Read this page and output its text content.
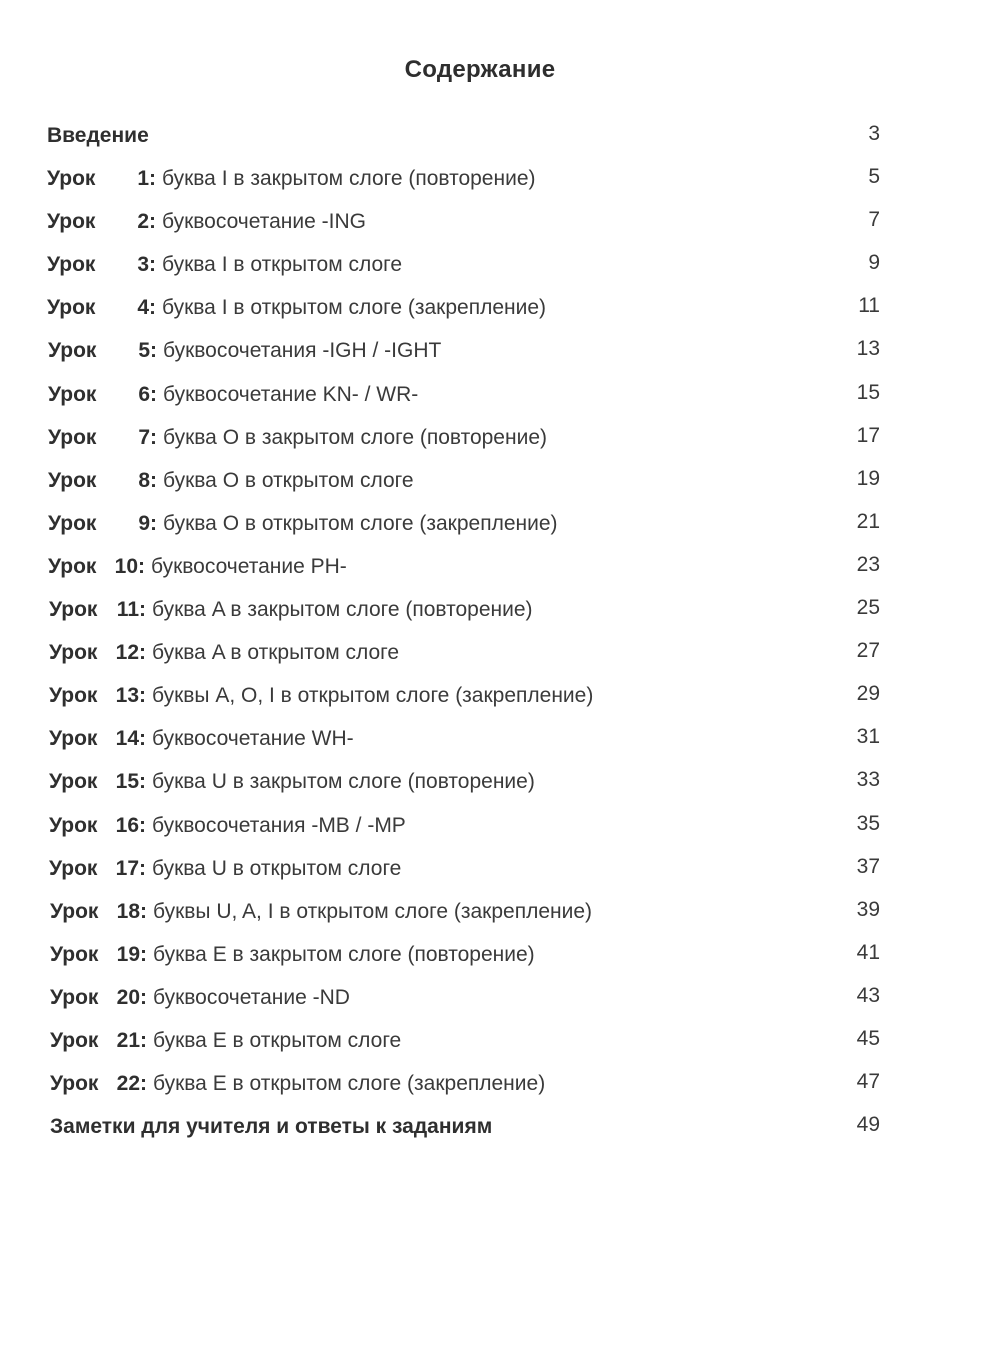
Содержание
Введение	3
Урок 1: буква I в закрытом слоге (повторение)	5
Урок 2: буквосочетание -ING	7
Урок 3: буква I в открытом слоге	9
Урок 4: буква I в открытом слоге (закрепление)	11
Урок 5: буквосочетания -IGH / -IGHT	13
Урок 6: буквосочетание KN- / WR-	15
Урок 7: буква O в закрытом слоге (повторение)	17
Урок 8: буква O в открытом слоге	19
Урок 9: буква O в открытом слоге (закрепление)	21
Урок 10: буквосочетание PH-	23
Урок 11: буква A в закрытом слоге (повторение)	25
Урок 12: буква A в открытом слоге	27
Урок 13: буквы A, O, I в открытом слоге (закрепление)	29
Урок 14: буквосочетание WH-	31
Урок 15: буква U в закрытом слоге (повторение)	33
Урок 16: буквосочетания -MB / -MP	35
Урок 17: буква U в открытом слоге	37
Урок 18: буквы U, A, I в открытом слоге (закрепление)	39
Урок 19: буква E в закрытом слоге (повторение)	41
Урок 20: буквосочетание -ND	43
Урок 21: буква E в открытом слоге	45
Урок 22: буква E в открытом слоге (закрепление)	47
Заметки для учителя и ответы к заданиям	49
